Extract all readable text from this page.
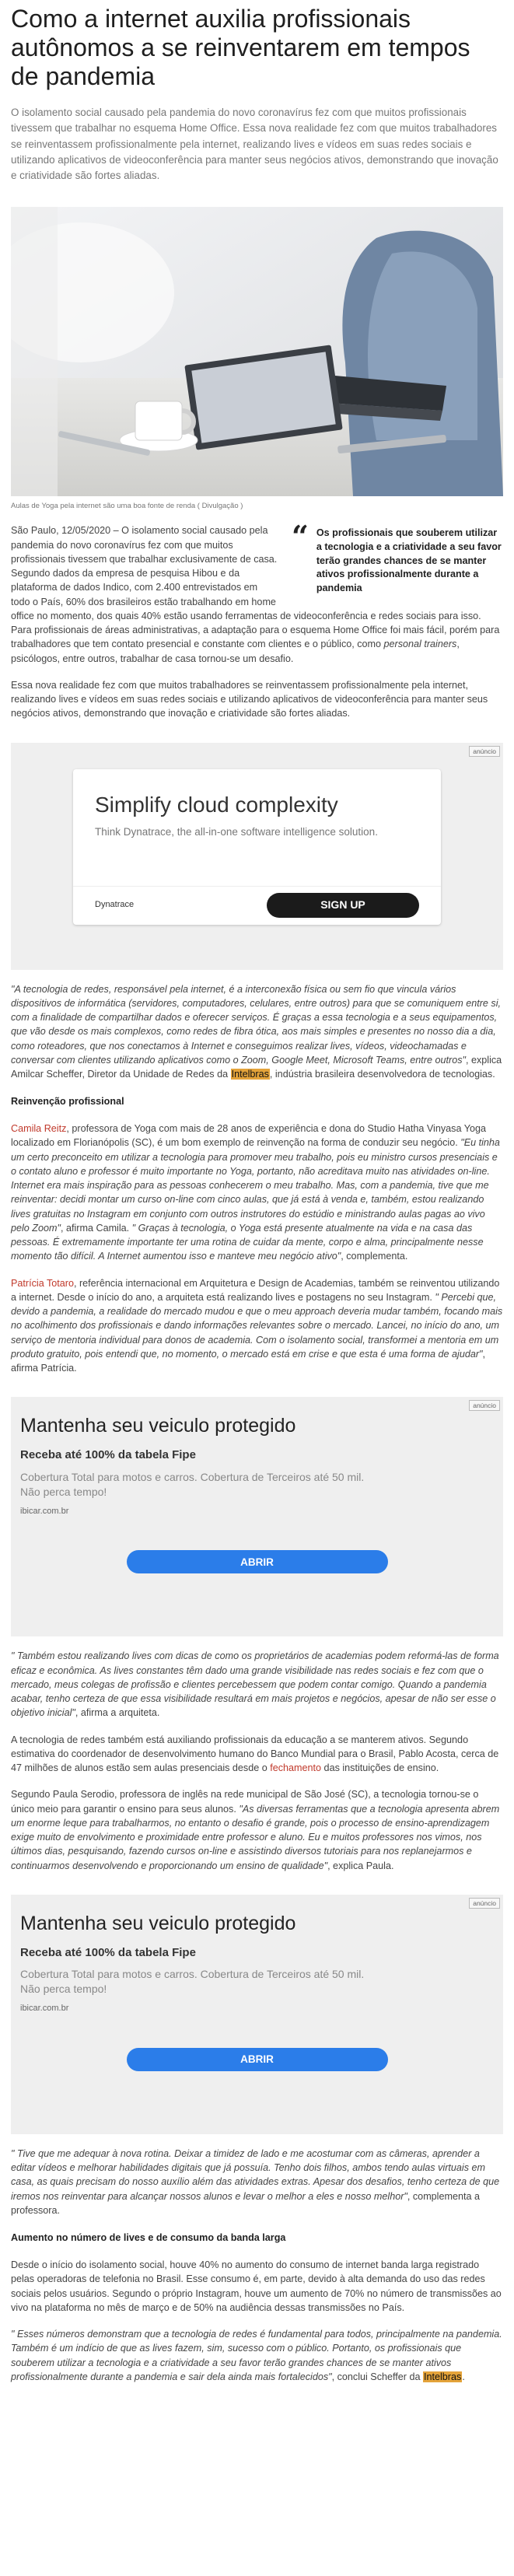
Como a internet auxilia profissionais autônomos a se reinventarem em tempos de pandemia
O isolamento social causado pela pandemia do novo coronavírus fez com que muitos profissionais tivessem que trabalhar no esquema Home Office. Essa nova realidade fez com que muitos trabalhadores se reinventassem profissionalmente pela internet, realizando lives e vídeos em suas redes sociais e utilizando aplicativos de videoconferência para manter seus negócios ativos, demonstrando que inovação e criatividade são fortes aliadas.
Aulas de Yoga pela internet são uma boa fonte de renda ( Divulgação )
“ Os profissionais que souberem utilizar a tecnologia e a criatividade a seu favor terão grandes chances de se manter ativos profissionalmente durante a pandemia

São Paulo, 12/05/2020 – O isolamento social causado pela pandemia do novo coronavírus fez com que muitos profissionais tivessem que trabalhar exclusivamente de casa. Segundo dados da empresa de pesquisa Hibou e da plataforma de dados Indico, com 2.400 entrevistados em todo o País, 60% dos brasileiros estão trabalhando em home office no momento, dos quais 40% estão usando ferramentas de videoconferência e redes sociais para isso. Para profissionais de áreas administrativas, a adaptação para o esquema Home Office foi mais fácil, porém para trabalhadores que tem contato presencial e constante com clientes e o público, como personal trainers, psicólogos, entre outros, trabalhar de casa tornou-se um desafio.

Essa nova realidade fez com que muitos trabalhadores se reinventassem profissionalmente pela internet, realizando lives e vídeos em suas redes sociais e utilizando aplicativos de videoconferência para manter seus negócios ativos, demonstrando que inovação e criatividade são fortes aliadas.

anúncio
Simplify cloud complexity
Think Dynatrace, the all-in-one software intelligence solution.
Dynatrace	SIGN UP

"A tecnologia de redes, responsável pela internet, é a interconexão física ou sem fio que vincula vários dispositivos de informática (servidores, computadores, celulares, entre outros) para que se comuniquem entre si, com a finalidade de compartilhar dados e oferecer serviços. É graças a essa tecnologia e a seus equipamentos, que vão desde os mais complexos, como redes de fibra ótica, aos mais simples e presentes no nosso dia a dia, como roteadores, que nos conectamos à Internet e conseguimos realizar lives, vídeos, videochamadas e conversar com clientes utilizando aplicativos como o Zoom, Google Meet, Microsoft Teams, entre outros", explica Amilcar Scheffer, Diretor da Unidade de Redes da Intelbras, indústria brasileira desenvolvedora de tecnologias.

Reinvenção profissional

Camila Reitz, professora de Yoga com mais de 28 anos de experiência e dona do Studio Hatha Vinyasa Yoga localizado em Florianópolis (SC), é um bom exemplo de reinvenção na forma de conduzir seu negócio. "Eu tinha um certo preconceito em utilizar a tecnologia para promover meu trabalho, pois eu ministro cursos presenciais e o contato aluno e professor é muito importante no Yoga, portanto, não acreditava muito nas atividades on-line. Internet era mais inspiração para as pessoas conhecerem o meu trabalho. Mas, com a pandemia, tive que me reinventar: decidi montar um curso on-line com cinco aulas, que já está à venda e, também, estou realizando lives gratuitas no Instagram em conjunto com outros instrutores do estúdio e ministrando aulas pagas ao vivo pelo Zoom", afirma Camila. " Graças à tecnologia, o Yoga está presente atualmente na vida e na casa das pessoas. É extremamente importante ter uma rotina de cuidar da mente, corpo e alma, principalmente nesse momento tão difícil. A Internet aumentou isso e manteve meu negócio ativo", complementa.

Patrícia Totaro, referência internacional em Arquitetura e Design de Academias, também se reinventou utilizando a internet. Desde o início do ano, a arquiteta está realizando lives e postagens no seu Instagram. " Percebi que, devido a pandemia, a realidade do mercado mudou e que o meu approach deveria mudar também, focando mais no acolhimento dos profissionais e dando informações relevantes sobre o mercado. Lancei, no início do ano, um serviço de mentoria individual para donos de academia. Com o isolamento social, transformei a mentoria em um produto gratuito, pois entendi que, no momento, o mercado está em crise e que esta é uma forma de ajudar", afirma Patrícia.

anúncio
Mantenha seu veiculo protegido
Receba até 100% da tabela Fipe
Cobertura Total para motos e carros. Cobertura de Terceiros até 50 mil. Não perca tempo!
ibicar.com.br
ABRIR

" Também estou realizando lives com dicas de como os proprietários de academias podem reformá-las de forma eficaz e econômica. As lives constantes têm dado uma grande visibilidade nas redes sociais e fez com que o mercado, meus colegas de profissão e clientes percebessem que podem contar comigo. Quando a pandemia acabar, tenho certeza de que essa visibilidade resultará em mais projetos e negócios, apesar de não ser esse o objetivo inicial", afirma a arquiteta.

A tecnologia de redes também está auxiliando profissionais da educação a se manterem ativos. Segundo estimativa do coordenador de desenvolvimento humano do Banco Mundial para o Brasil, Pablo Acosta, cerca de 47 milhões de alunos estão sem aulas presenciais desde o fechamento das instituições de ensino.

Segundo Paula Serodio, professora de inglês na rede municipal de São José (SC), a tecnologia tornou-se o único meio para garantir o ensino para seus alunos. "As diversas ferramentas que a tecnologia apresenta abrem um enorme leque para trabalharmos, no entanto o desafio é grande, pois o processo de ensino-aprendizagem exige muito de envolvimento e proximidade entre professor e aluno. Eu e muitos professores nos vimos, nos últimos dias, pesquisando, fazendo cursos on-line e assistindo diversos tutoriais para nos replanejarmos e continuarmos desenvolvendo e proporcionando um ensino de qualidade", explica Paula.

anúncio
Mantenha seu veiculo protegido
Receba até 100% da tabela Fipe
Cobertura Total para motos e carros. Cobertura de Terceiros até 50 mil. Não perca tempo!
ibicar.com.br
ABRIR

" Tive que me adequar à nova rotina. Deixar a timidez de lado e me acostumar com as câmeras, aprender a editar vídeos e melhorar habilidades digitais que já possuía. Tenho dois filhos, ambos tendo aulas virtuais em casa, as quais precisam do nosso auxílio além das atividades extras. Apesar dos desafios, tenho certeza de que iremos nos reinventar para alcançar nossos alunos e levar o melhor a eles e nosso melhor", complementa a professora.

Aumento no número de lives e de consumo da banda larga

Desde o início do isolamento social, houve 40% no aumento do consumo de internet banda larga registrado pelas operadoras de telefonia no Brasil. Esse consumo é, em parte, devido à alta demanda do uso das redes sociais pelos usuários. Segundo o próprio Instagram, houve um aumento de 70% no número de transmissões ao vivo na plataforma no mês de março e de 50% na audiência dessas transmissões no País.

" Esses números demonstram que a tecnologia de redes é fundamental para todos, principalmente na pandemia. Também é um indício de que as lives fazem, sim, sucesso com o público. Portanto, os profissionais que souberem utilizar a tecnologia e a criatividade a seu favor terão grandes chances de se manter ativos profissionalmente durante a pandemia e sair dela ainda mais fortalecidos", conclui Scheffer da Intelbras.
